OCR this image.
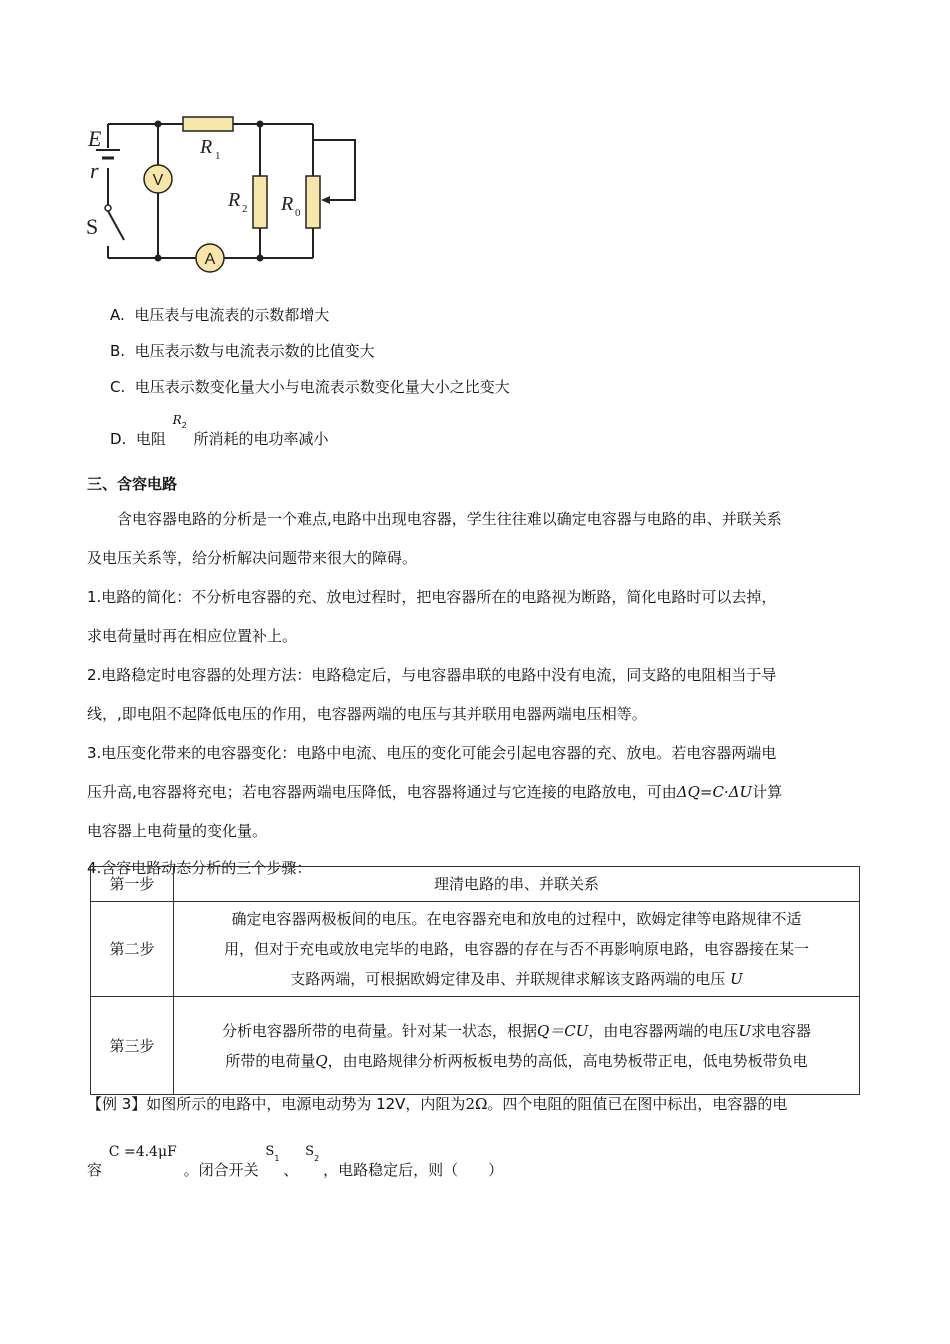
V
A
E
r
S
R 1
R 2 R 0
A. 电压表与电流表的示数都增大
B. 电压表示数与电流表示数的比值变大
C. 电压表示数变化量大小与电流表示数变化量大小之比变大
D. 电阻
R 2
所消耗的电功率减小
三、含容电路
含电容器电路的分析是一个难点,电路中出现电容器，学生往往难以确定电容器与电路的串、并联关系
及电压关系等，给分析解决问题带来很大的障碍。
1.电路的简化：不分析电容器的充、放电过程时，把电容器所在的电路视为断路，简化电路时可以去掉，
求电荷量时再在相应位置补上。
2.电路稳定时电容器的处理方法：电路稳定后，与电容器串联的电路中没有电流，同支路的电阻相当于导
线，,即电阻不起降低电压的作用，电容器两端的电压与其并联用电器两端电压相等。
3.电压变化带来的电容器变化：电路中电流、电压的变化可能会引起电容器的充、放电。若电容器两端电
压升高,电容器将充电；若电容器两端电压降低，电容器将通过与它连接的电路放电，可由ΔQ=C·ΔU计算
电容器上电荷量的变化量。
4.含容电路动态分析的三个步骤：
第一步	理清电路的串、并联关系
第二步	确定电容器两极板间的电压。在电容器充电和放电的过程中，欧姆定律等电路规律不适
用，但对于充电或放电完毕的电路，电容器的存在与否不再影响原电路，电容器接在某一
支路两端，可根据欧姆定律及串、并联规律求解该支路两端的电压 U

第三步	分析电容器所带的电荷量。针对某一状态，根据Q＝CU，由电容器两端的电压U求电容器
所带的电荷量Q，由电路规律分析两板板电势的高低，高电势板带正电，低电势板带负电
【例 3】如图所示的电路中，电源电动势为 12V，内阻为2Ω。四个电阻的阻值已在图中标出，电容器的电
容
C =4.4μF
。闭合开关
S 1
、
S 2
，电路稳定后，则（　　）
